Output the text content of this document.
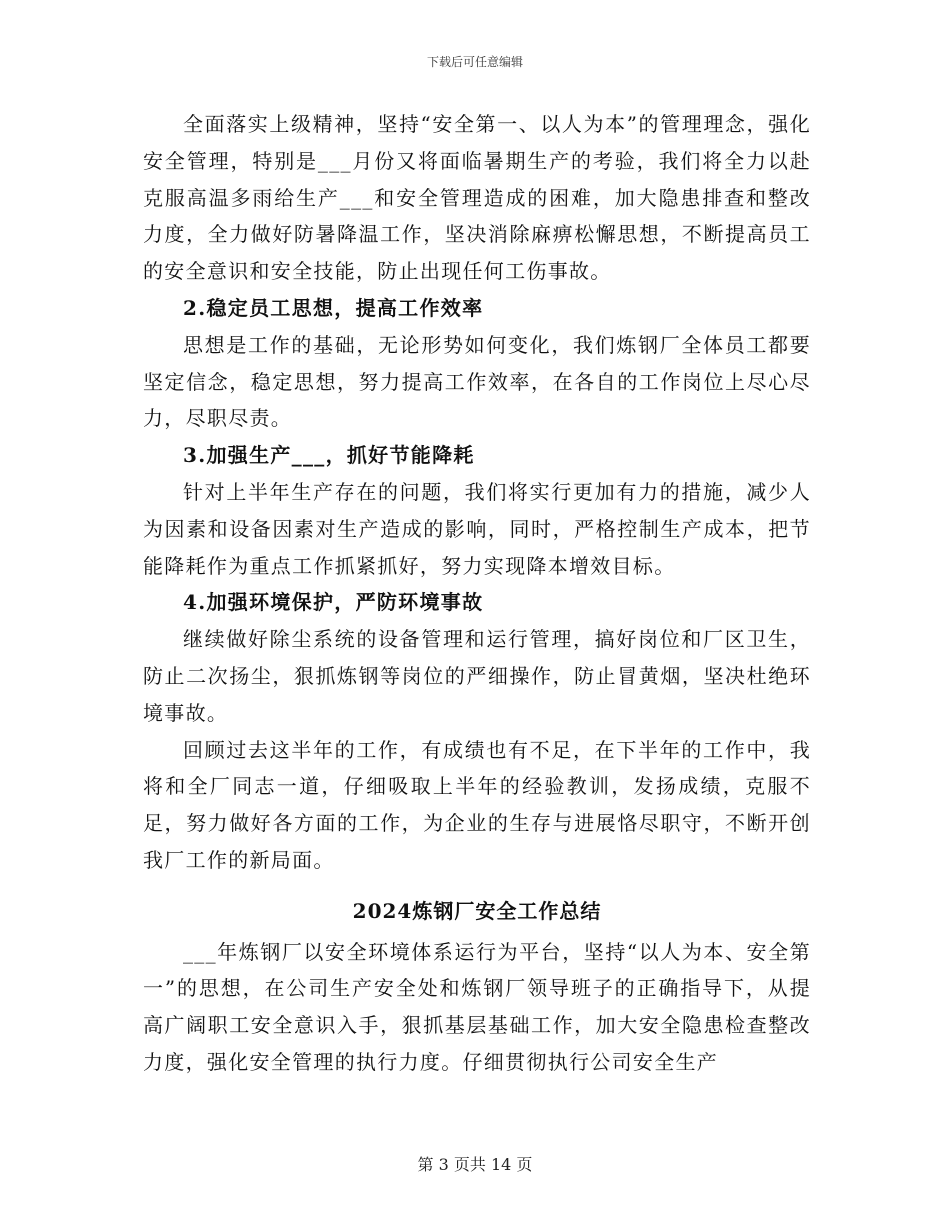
下载后可任意编辑

全面落实上级精神，坚持“安全第一、以人为本”的管理理念，强化安全管理，特别是___月份又将面临暑期生产的考验，我们将全力以赴克服高温多雨给生产___和安全管理造成的困难，加大隐患排查和整改力度，全力做好防暑降温工作，坚决消除麻痹松懈思想，不断提高员工的安全意识和安全技能，防止出现任何工伤事故。

2.稳定员工思想，提高工作效率

思想是工作的基础，无论形势如何变化，我们炼钢厂全体员工都要坚定信念，稳定思想，努力提高工作效率，在各自的工作岗位上尽心尽力，尽职尽责。

3.加强生产___，抓好节能降耗

针对上半年生产存在的问题，我们将实行更加有力的措施，减少人为因素和设备因素对生产造成的影响，同时，严格控制生产成本，把节能降耗作为重点工作抓紧抓好，努力实现降本增效目标。

4.加强环境保护，严防环境事故

继续做好除尘系统的设备管理和运行管理，搞好岗位和厂区卫生，防止二次扬尘，狠抓炼钢等岗位的严细操作，防止冒黄烟，坚决杜绝环境事故。

回顾过去这半年的工作，有成绩也有不足，在下半年的工作中，我将和全厂同志一道，仔细吸取上半年的经验教训，发扬成绩，克服不足，努力做好各方面的工作，为企业的生存与进展恪尽职守，不断开创我厂工作的新局面。

2024炼钢厂安全工作总结

___年炼钢厂以安全环境体系运行为平台，坚持“以人为本、安全第一”的思想，在公司生产安全处和炼钢厂领导班子的正确指导下，从提高广阔职工安全意识入手，狠抓基层基础工作，加大安全隐患检查整改力度，强化安全管理的执行力度。仔细贯彻执行公司安全生产

第 3 页共 14 页
